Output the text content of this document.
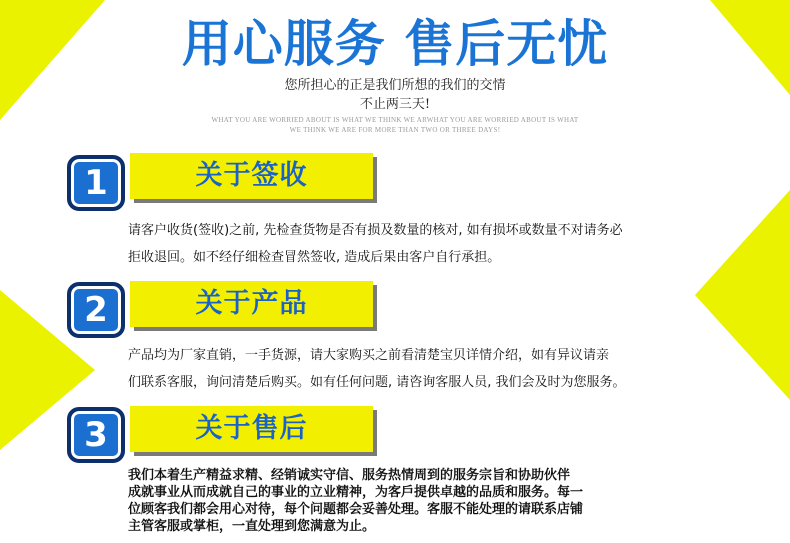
用心服务 售后无忧
您所担心的正是我们所想的我们的交情
不止两三天!
WHAT YOU ARE WORRIED ABOUT IS WHAT WE THINK WE ARWHAT YOU ARE WORRIED ABOUT IS WHAT
WE THINK WE ARE FOR MORE THAN TWO OR THREE DAYS!
1	关于签收

请客户收货(签收)之前, 先检查货物是否有损及数量的核对, 如有损坏或数量不对请务必

拒收退回。如不经仔细检查冒然签收, 造成后果由客户自行承担。

2	关于产品

产品均为厂家直销，一手货源，请大家购买之前看清楚宝贝详情介绍，如有异议请亲

们联系客服，询问清楚后购买。如有任何问题, 请咨询客服人员, 我们会及时为您服务。

3	关于售后

我们本着生产精益求精、经销诚实守信、服务热情周到的服务宗旨和协助伙伴

成就事业从而成就自己的事业的立业精神，为客戶提供卓越的品质和服务。每一

位顾客我们都会用心对待，每个问题都会妥善处理。客服不能处理的请联系店铺

主管客服或掌柜，一直处理到您满意为止。
